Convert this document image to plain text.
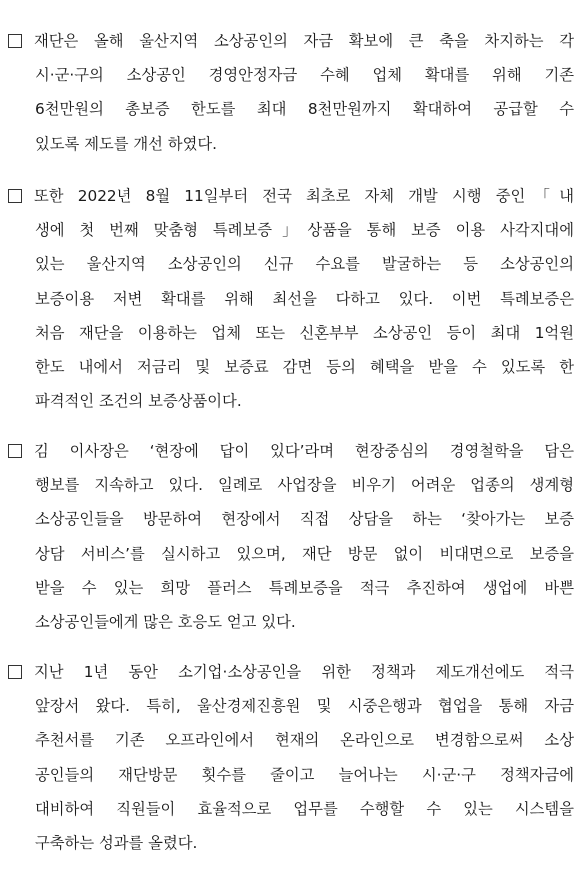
재단은 올해 울산지역 소상공인의 자금 확보에 큰 축을 차지하는 각
시·군·구의 소상공인 경영안정자금 수혜 업체 확대를 위해 기존
6천만원의 총보증 한도를 최대 8천만원까지 확대하여 공급할 수
있도록 제도를 개선 하였다.
또한 2022년 8월 11일부터 전국 최초로 자체 개발 시행 중인「내
생에 첫 번째 맞춤형 특례보증」상품을 통해 보증 이용 사각지대에
있는 울산지역 소상공인의 신규 수요를 발굴하는 등 소상공인의
보증이용 저변 확대를 위해 최선을 다하고 있다. 이번 특례보증은
처음 재단을 이용하는 업체 또는 신혼부부 소상공인 등이 최대 1억원
한도 내에서 저금리 및 보증료 감면 등의 혜택을 받을 수 있도록 한
파격적인 조건의 보증상품이다.
김 이사장은 ‘현장에 답이 있다’라며 현장중심의 경영철학을 담은
행보를 지속하고 있다. 일례로 사업장을 비우기 어려운 업종의 생계형
소상공인들을 방문하여 현장에서 직접 상담을 하는 ‘찾아가는 보증
상담 서비스’를 실시하고 있으며, 재단 방문 없이 비대면으로 보증을
받을 수 있는 희망 플러스 특례보증을 적극 추진하여 생업에 바쁜
소상공인들에게 많은 호응도 얻고 있다.
지난 1년 동안 소기업·소상공인을 위한 정책과 제도개선에도 적극
앞장서 왔다. 특히, 울산경제진흥원 및 시중은행과 협업을 통해 자금
추천서를 기존 오프라인에서 현재의 온라인으로 변경함으로써 소상
공인들의 재단방문 횟수를 줄이고 늘어나는 시·군·구 정책자금에
대비하여 직원들이 효율적으로 업무를 수행할 수 있는 시스템을
구축하는 성과를 올렸다.
